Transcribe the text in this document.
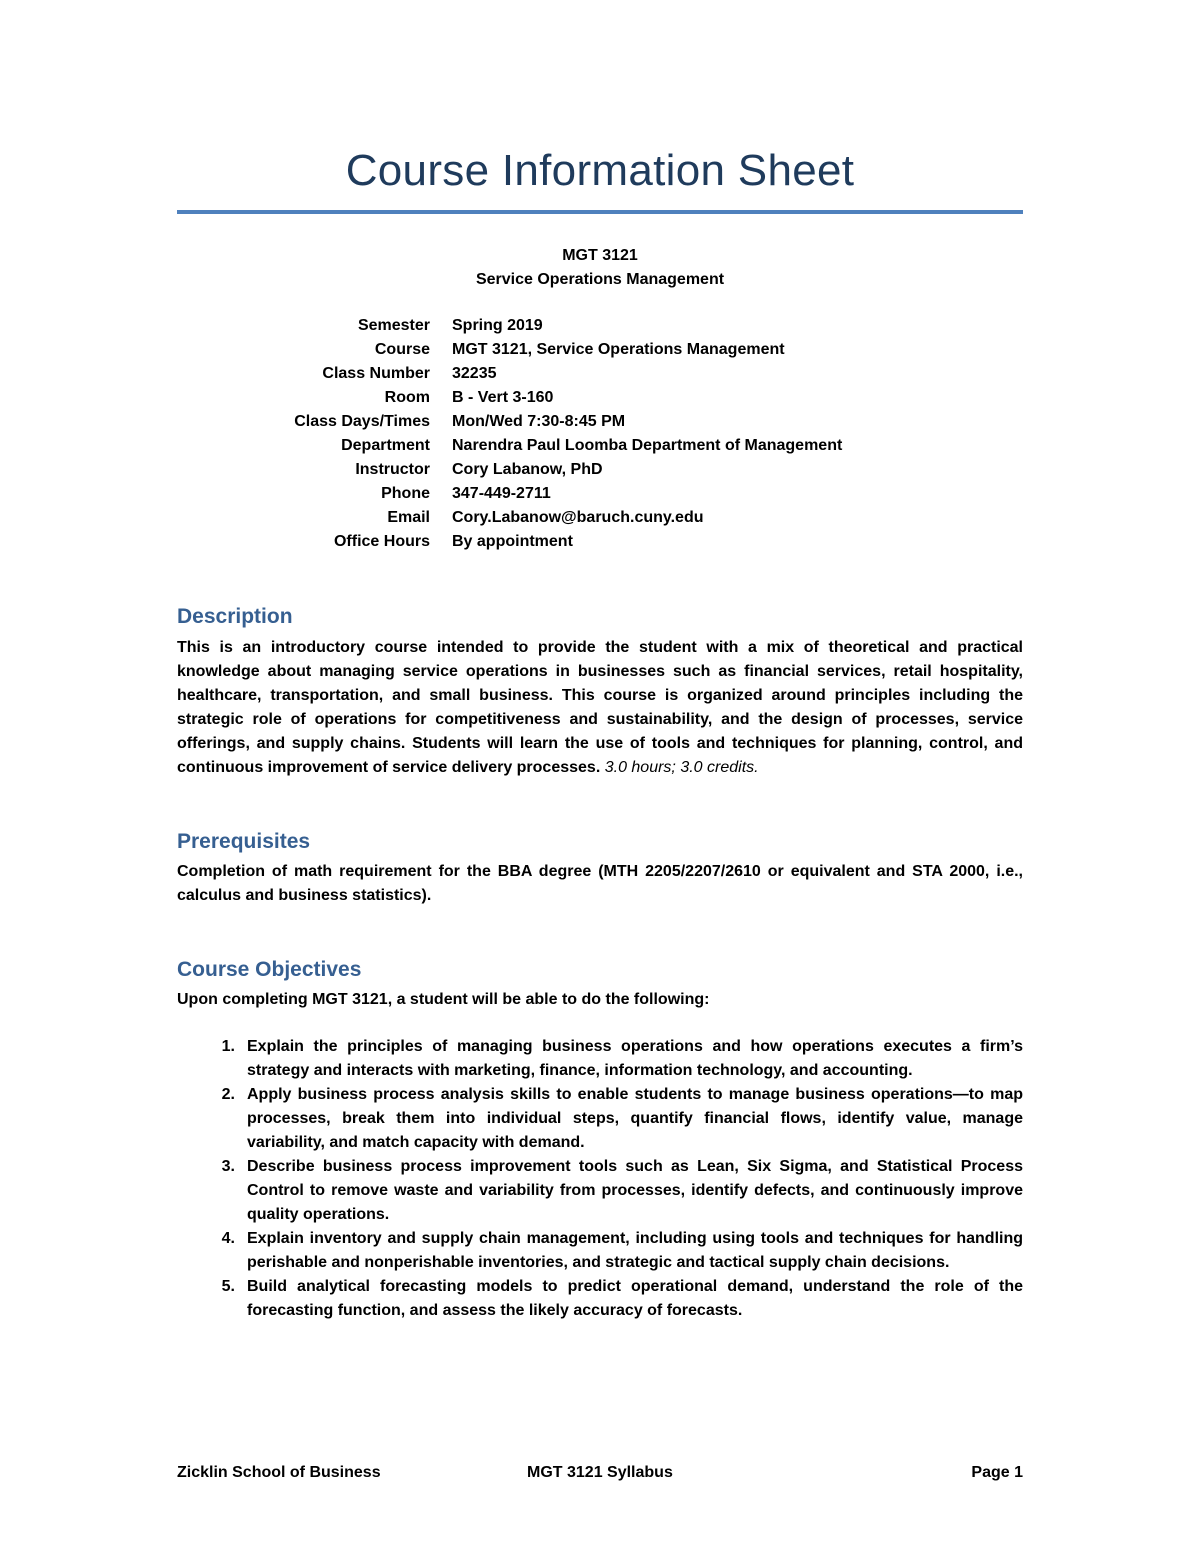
Course Information Sheet
MGT 3121
Service Operations Management
Semester	Spring 2019
Course	MGT 3121, Service Operations Management
Class Number	32235
Room	B - Vert 3-160
Class Days/Times	Mon/Wed 7:30-8:45 PM
Department	Narendra Paul Loomba Department of Management
Instructor	Cory Labanow, PhD
Phone	347-449-2711
Email	Cory.Labanow@baruch.cuny.edu
Office Hours	By appointment
Description
This is an introductory course intended to provide the student with a mix of theoretical and practical knowledge about managing service operations in businesses such as financial services, retail hospitality, healthcare, transportation, and small business. This course is organized around principles including the strategic role of operations for competitiveness and sustainability, and the design of processes, service offerings, and supply chains. Students will learn the use of tools and techniques for planning, control, and continuous improvement of service delivery processes. 3.0 hours; 3.0 credits.
Prerequisites
Completion of math requirement for the BBA degree (MTH 2205/2207/2610 or equivalent and STA 2000, i.e., calculus and business statistics).
Course Objectives
Upon completing MGT 3121, a student will be able to do the following:
1. Explain the principles of managing business operations and how operations executes a firm’s strategy and interacts with marketing, finance, information technology, and accounting.
2. Apply business process analysis skills to enable students to manage business operations—to map processes, break them into individual steps, quantify financial flows, identify value, manage variability, and match capacity with demand.
3. Describe business process improvement tools such as Lean, Six Sigma, and Statistical Process Control to remove waste and variability from processes, identify defects, and continuously improve quality operations.
4. Explain inventory and supply chain management, including using tools and techniques for handling perishable and nonperishable inventories, and strategic and tactical supply chain decisions.
5. Build analytical forecasting models to predict operational demand, understand the role of the forecasting function, and assess the likely accuracy of forecasts.
Zicklin School of Business	MGT 3121 Syllabus	Page 1
